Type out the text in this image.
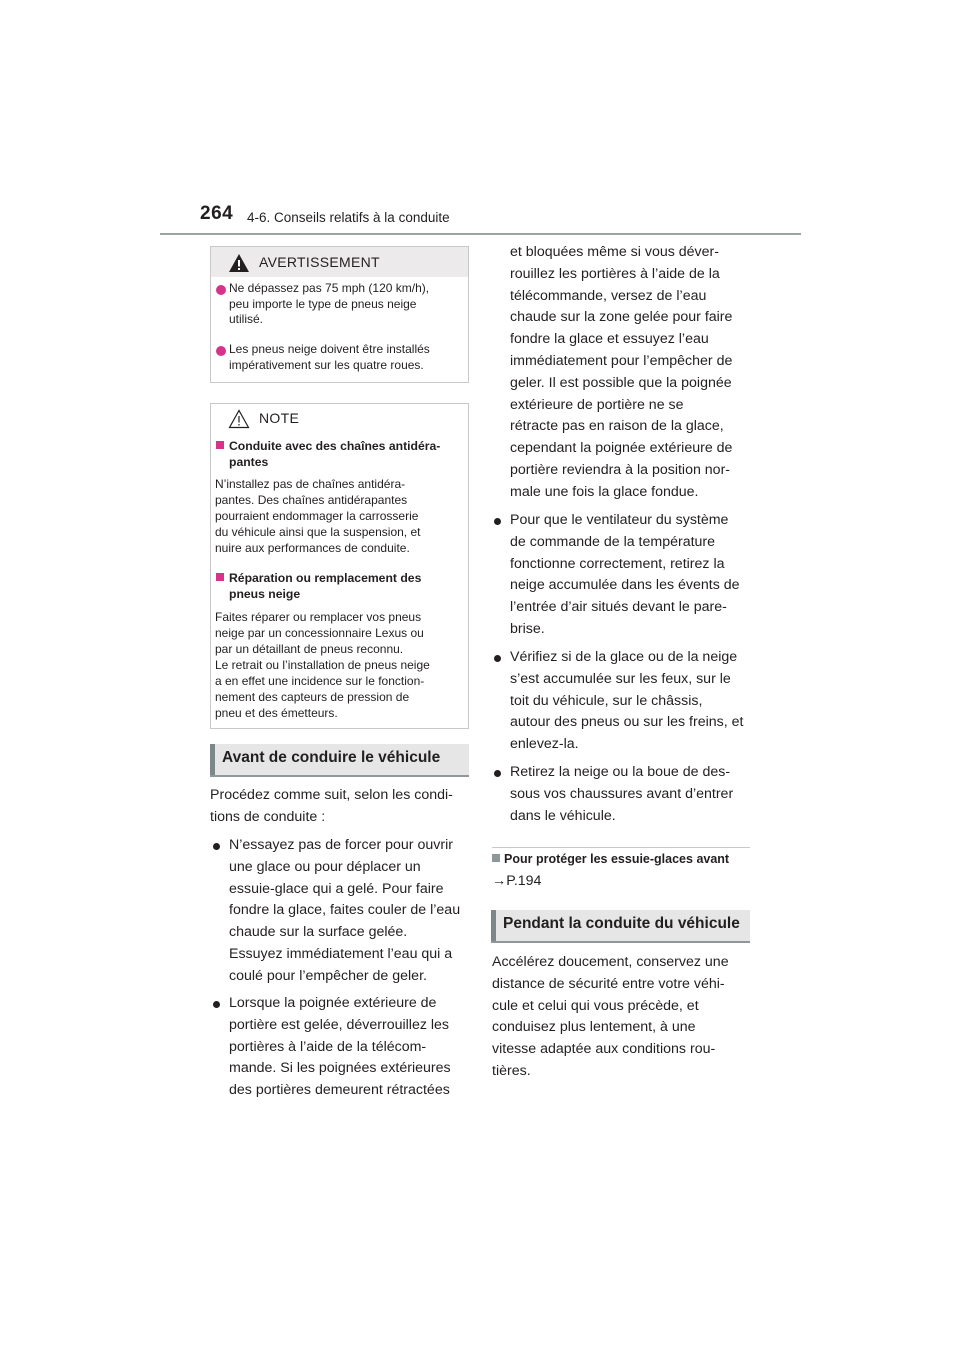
264 4-6. Conseils relatifs à la conduite
AVERTISSEMENT
Ne dépassez pas 75 mph (120 km/h),
peu importe le type de pneus neige
utilisé.
Les pneus neige doivent être installés
impérativement sur les quatre roues.
NOTE
Conduite avec des chaînes antidéra-
pantes
N’installez pas de chaînes antidéra-
pantes. Des chaînes antidérapantes
pourraient endommager la carrosserie
du véhicule ainsi que la suspension, et
nuire aux performances de conduite.
Réparation ou remplacement des
pneus neige
Faites réparer ou remplacer vos pneus
neige par un concessionnaire Lexus ou
par un détaillant de pneus reconnu.
Le retrait ou l’installation de pneus neige
a en effet une incidence sur le fonction-
nement des capteurs de pression de
pneu et des émetteurs.
Avant de conduire le véhicule
Procédez comme suit, selon les condi-
tions de conduite :
N’essayez pas de forcer pour ouvrir
une glace ou pour déplacer un
essuie-glace qui a gelé. Pour faire
fondre la glace, faites couler de l’eau
chaude sur la surface gelée.
Essuyez immédiatement l’eau qui a
coulé pour l’empêcher de geler.
Lorsque la poignée extérieure de
portière est gelée, déverrouillez les
portières à l’aide de la télécom-
mande. Si les poignées extérieures
des portières demeurent rétractées
et bloquées même si vous déver-
rouillez les portières à l’aide de la
télécommande, versez de l’eau
chaude sur la zone gelée pour faire
fondre la glace et essuyez l’eau
immédiatement pour l’empêcher de
geler. Il est possible que la poignée
extérieure de portière ne se
rétracte pas en raison de la glace,
cependant la poignée extérieure de
portière reviendra à la position nor-
male une fois la glace fondue.
Pour que le ventilateur du système
de commande de la température
fonctionne correctement, retirez la
neige accumulée dans les évents de
l’entrée d’air situés devant le pare-
brise.
Vérifiez si de la glace ou de la neige
s’est accumulée sur les feux, sur le
toit du véhicule, sur le châssis,
autour des pneus ou sur les freins, et
enlevez-la.
Retirez la neige ou la boue de des-
sous vos chaussures avant d’entrer
dans le véhicule.
Pour protéger les essuie-glaces avant
→P.194
Pendant la conduite du véhicule
Accélérez doucement, conservez une
distance de sécurité entre votre véhi-
cule et celui qui vous précède, et
conduisez plus lentement, à une
vitesse adaptée aux conditions rou-
tières.
